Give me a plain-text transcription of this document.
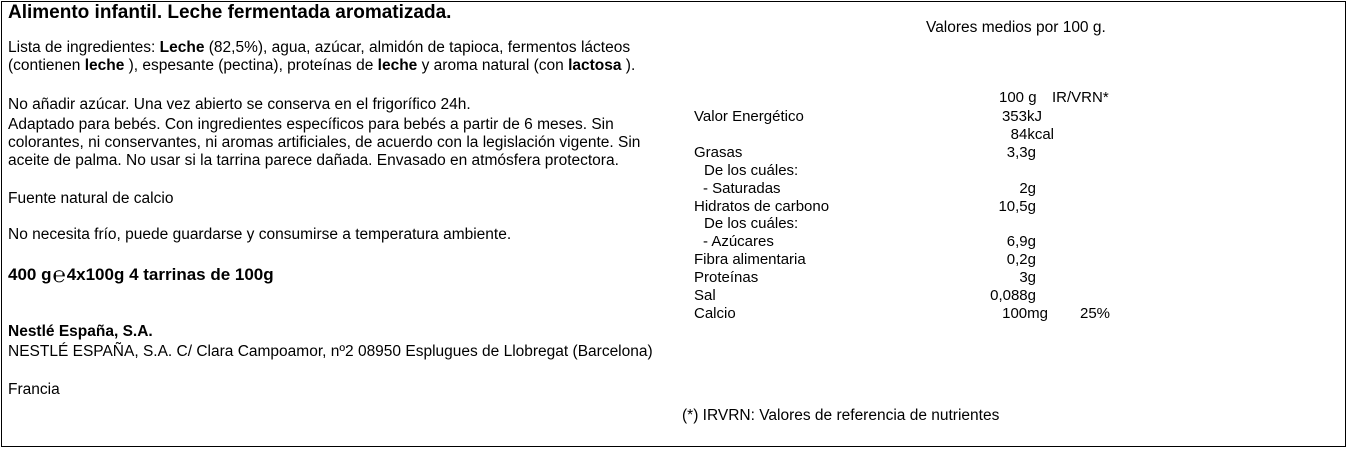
Alimento infantil. Leche fermentada aromatizada.
Lista de ingredientes: Leche (82,5%), agua, azúcar, almidón de tapioca, fermentos lácteos
(contienen leche ), espesante (pectina), proteínas de leche y aroma natural (con lactosa ).
No añadir azúcar. Una vez abierto se conserva en el frigorífico 24h.
Adaptado para bebés. Con ingredientes específicos para bebés a partir de 6 meses. Sin
colorantes, ni conservantes, ni aromas artificiales, de acuerdo con la legislación vigente. Sin
aceite de palma. No usar si la tarrina parece dañada. Envasado en atmósfera protectora.
Fuente natural de calcio
No necesita frío, puede guardarse y consumirse a temperatura ambiente.
400 g℮4x100g 4 tarrinas de 100g
Nestlé España, S.A.
NESTLÉ ESPAÑA, S.A. C/ Clara Campoamor, nº2 08950 Esplugues de Llobregat (Barcelona)
Francia
Valores medios por 100 g.
100 g IR/VRN*
Valor Energético	353kJ
84kcal
Grasas	3,3g
De los cuáles:
- Saturadas	2g
Hidratos de carbono	10,5g
De los cuáles:
- Azúcares	6,9g
Fibra alimentaria	0,2g
Proteínas	3g
Sal	0,088g
Calcio	100mg 25%
(*) IRVRN: Valores de referencia de nutrientes
